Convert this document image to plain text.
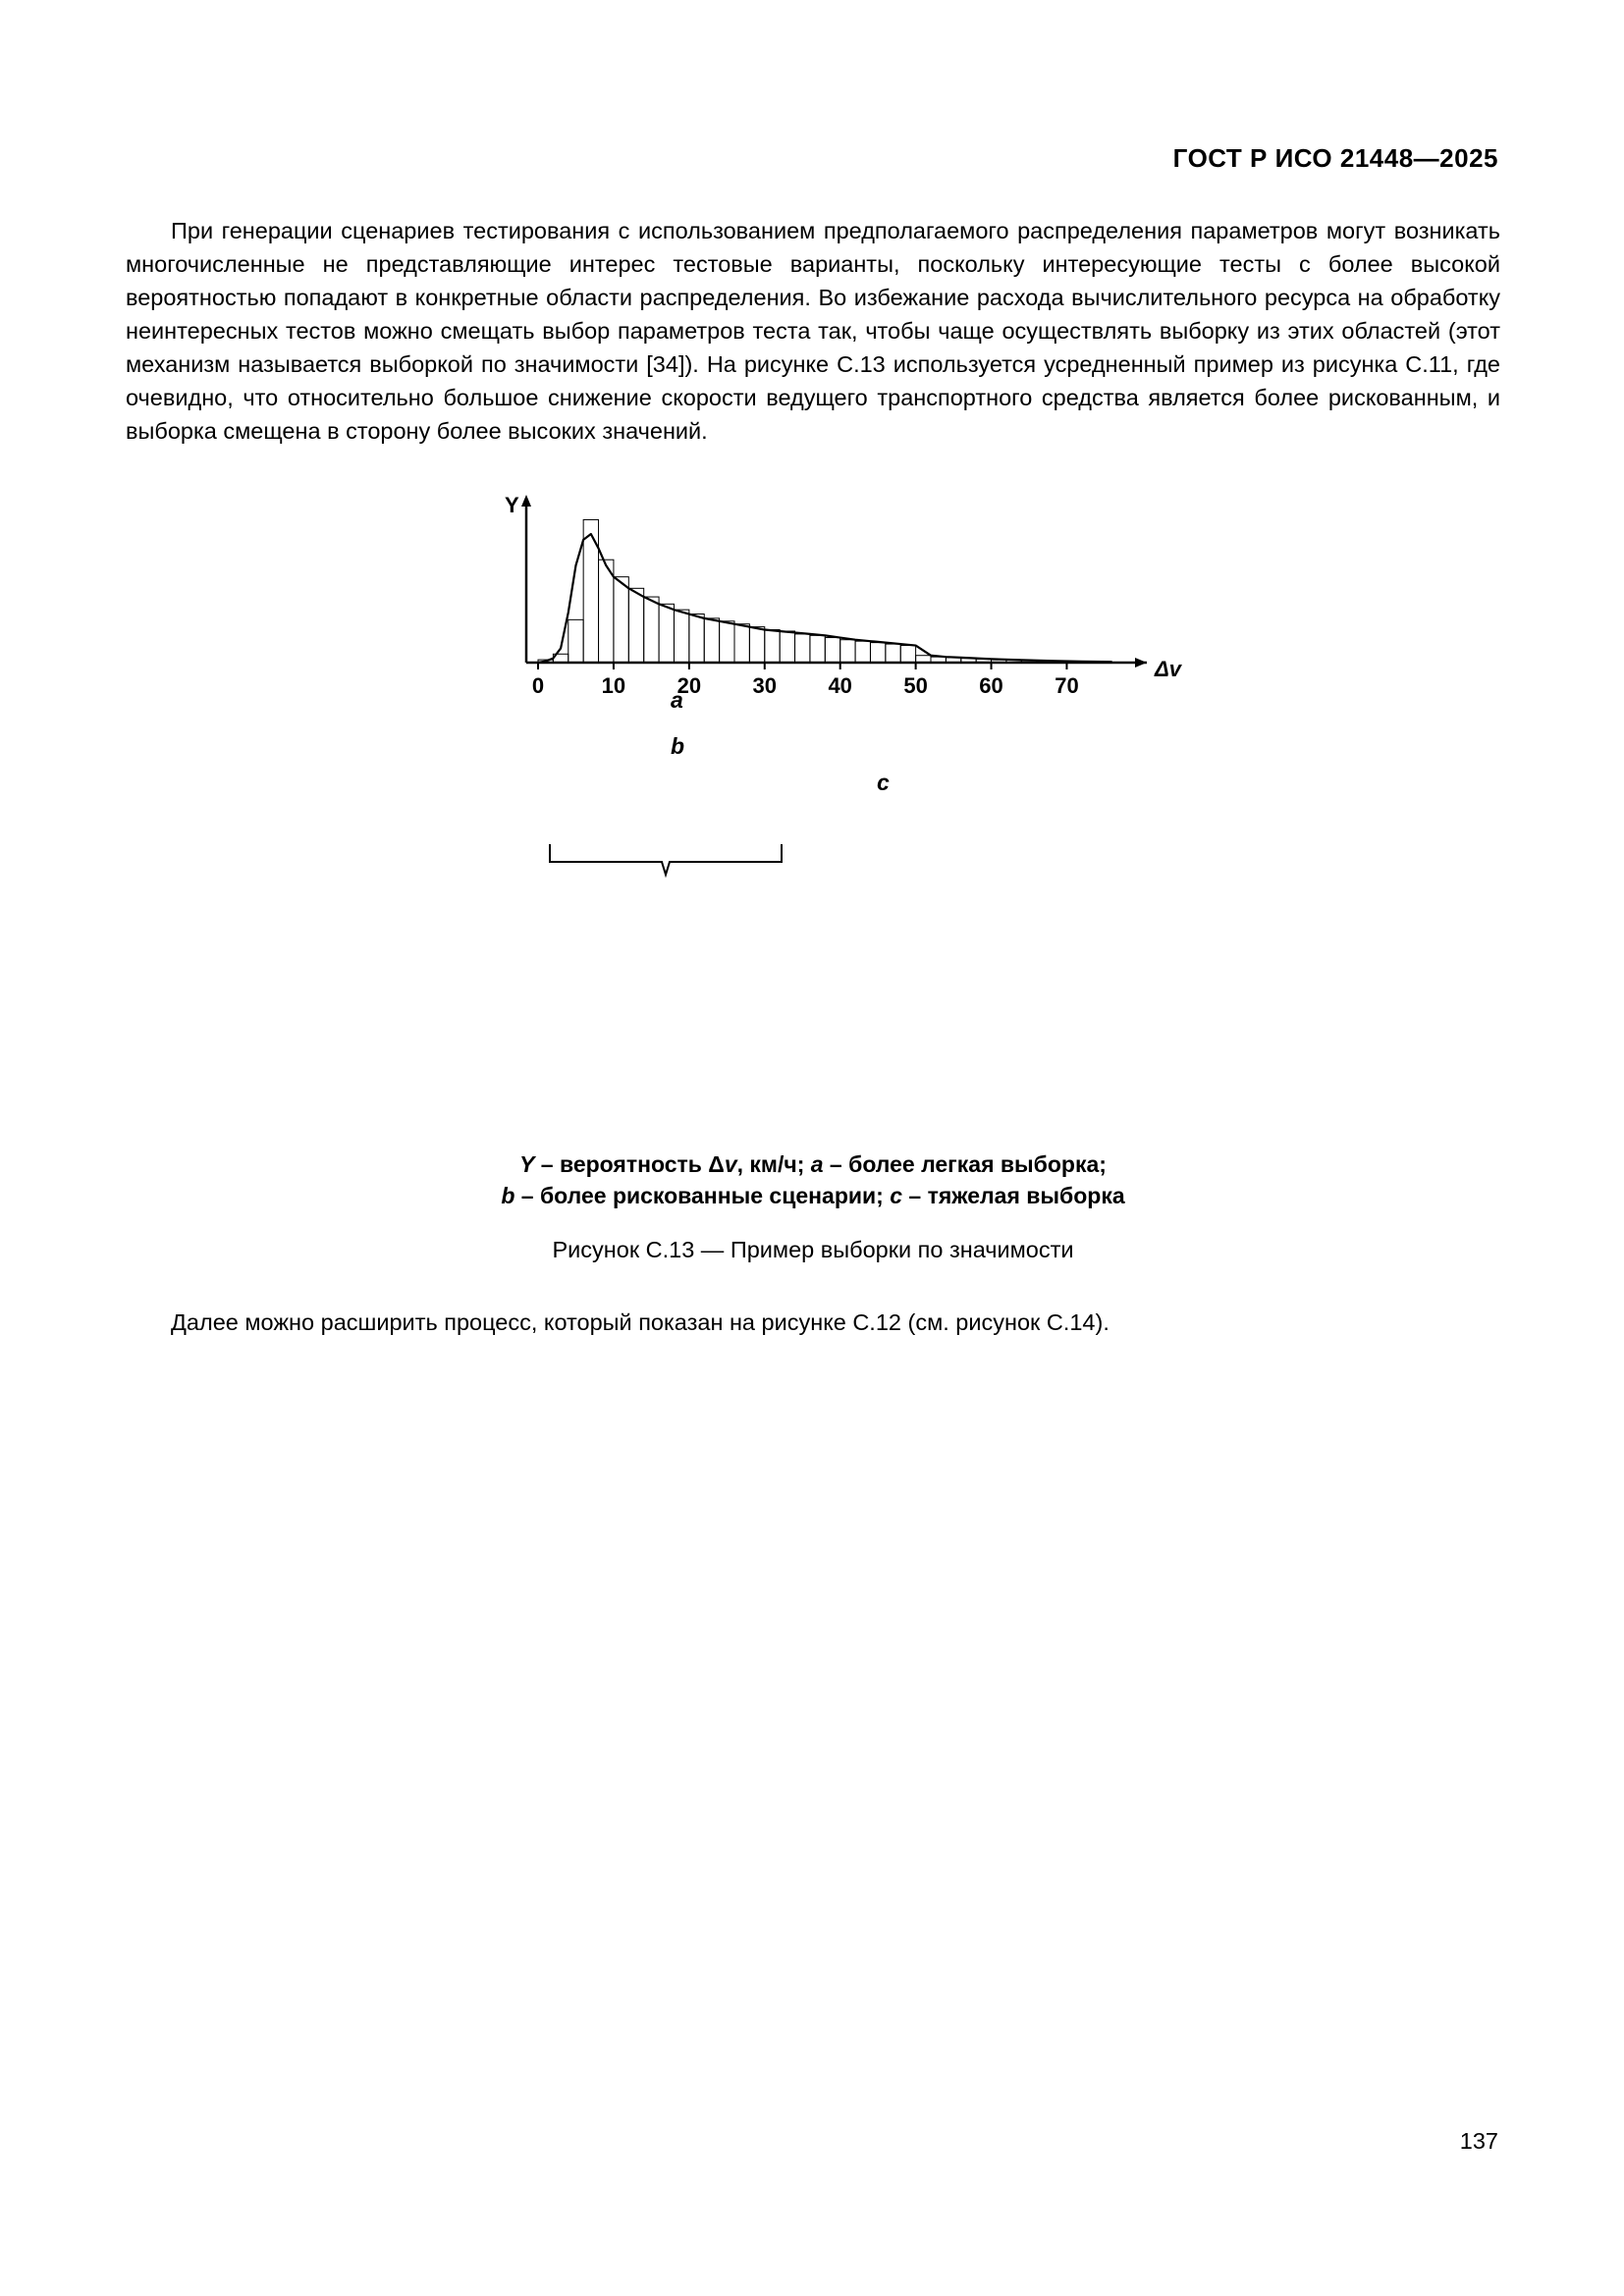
ГОСТ Р ИСО 21448—2025

При генерации сценариев тестирования с использованием предполагаемого распределения параметров могут возникать многочисленные не представляющие интерес тестовые варианты, поскольку интересующие тесты с более высокой вероятностью попадают в конкретные области распределения. Во избежание расхода вычислительного ресурса на обработку неинтересных тестов можно смещать выбор параметров теста так, чтобы чаще осуществлять выборку из этих областей (этот механизм называется выборкой по значимости [34]). На рисунке С.13 используется усредненный пример из рисунка С.11, где очевидно, что относительно большое снижение скорости ведущего транспортного средства является более рискованным, и выборка смещена в сторону более высоких значений.

0	10 20 30 40 50 60 70
Y
Δv
a
b
c
Y – вероятность Δv, км/ч; a – более легкая выборка;
b – более рискованные сценарии; c – тяжелая выборка
Рисунок С.13 — Пример выборки по значимости

Далее можно расширить процесс, который показан на рисунке С.12 (см. рисунок С.14).

137
